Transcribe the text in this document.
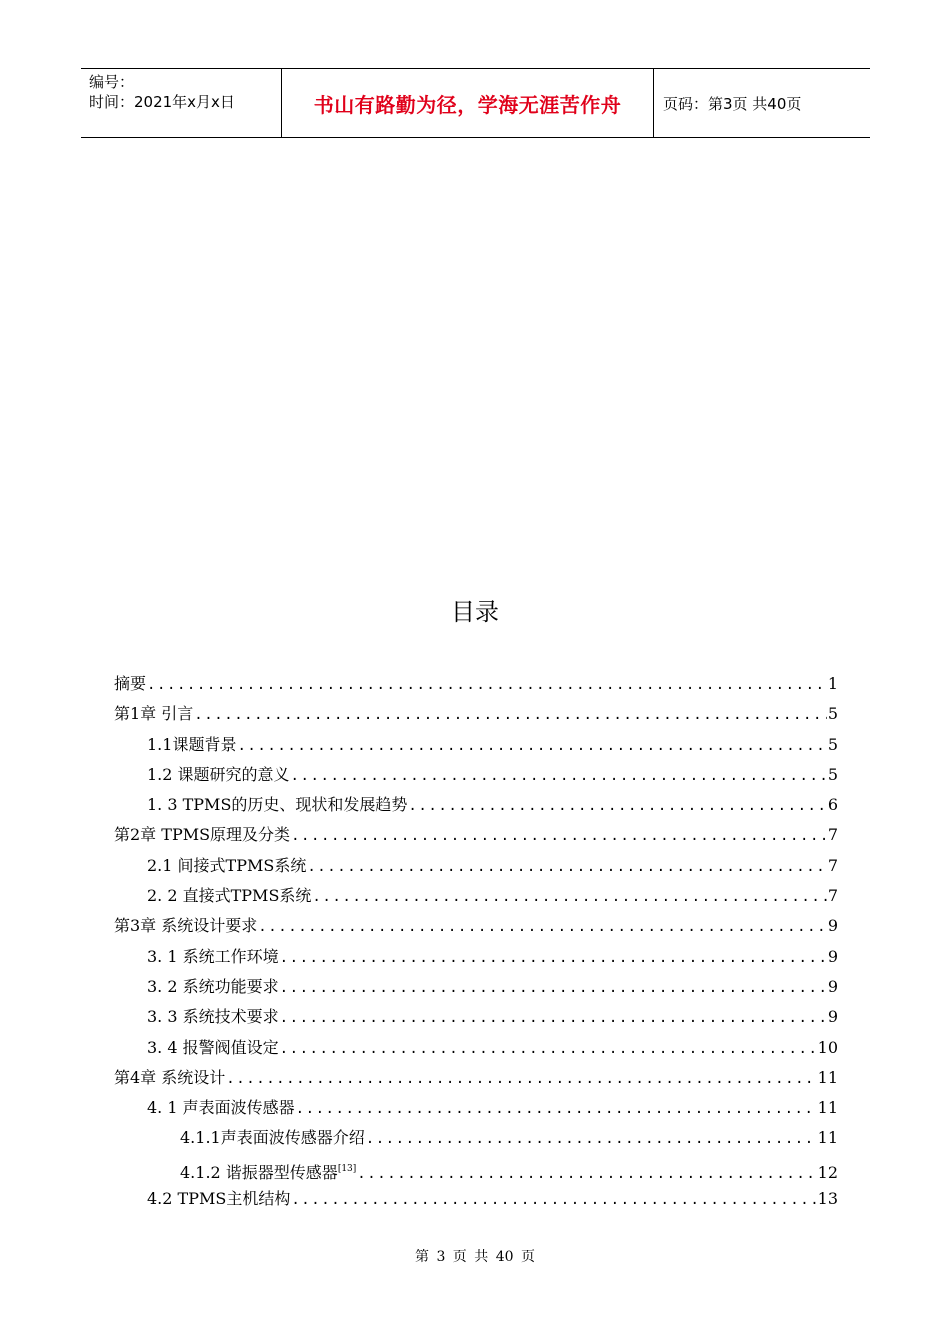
编号：
时间：2021年x月x日	书山有路勤为径，学海无涯苦作舟	页码：第3页 共40页
目录
摘要 .....	1
第1章 引言 .....	5
1.1课题背景 .....	5
1.2 课题研究的意义 .....	5
1. 3 TPMS的历史、现状和发展趋势 .....	6
第2章 TPMS原理及分类 .....	7
2.1 间接式TPMS系统 .....	7
2. 2 直接式TPMS系统 .....	7
第3章 系统设计要求 .....	9
3. 1 系统工作环境 .....	9
3. 2 系统功能要求 .....	9
3. 3 系统技术要求 .....	9
3. 4 报警阀值设定 .....	10
第4章 系统设计 .....	11
4. 1 声表面波传感器 .....	11
4.1.1声表面波传感器介绍 .....	11
4.1.2 谐振器型传感器[13] .....	12
4.2 TPMS主机结构 .....	13
第 3 页 共 40 页
